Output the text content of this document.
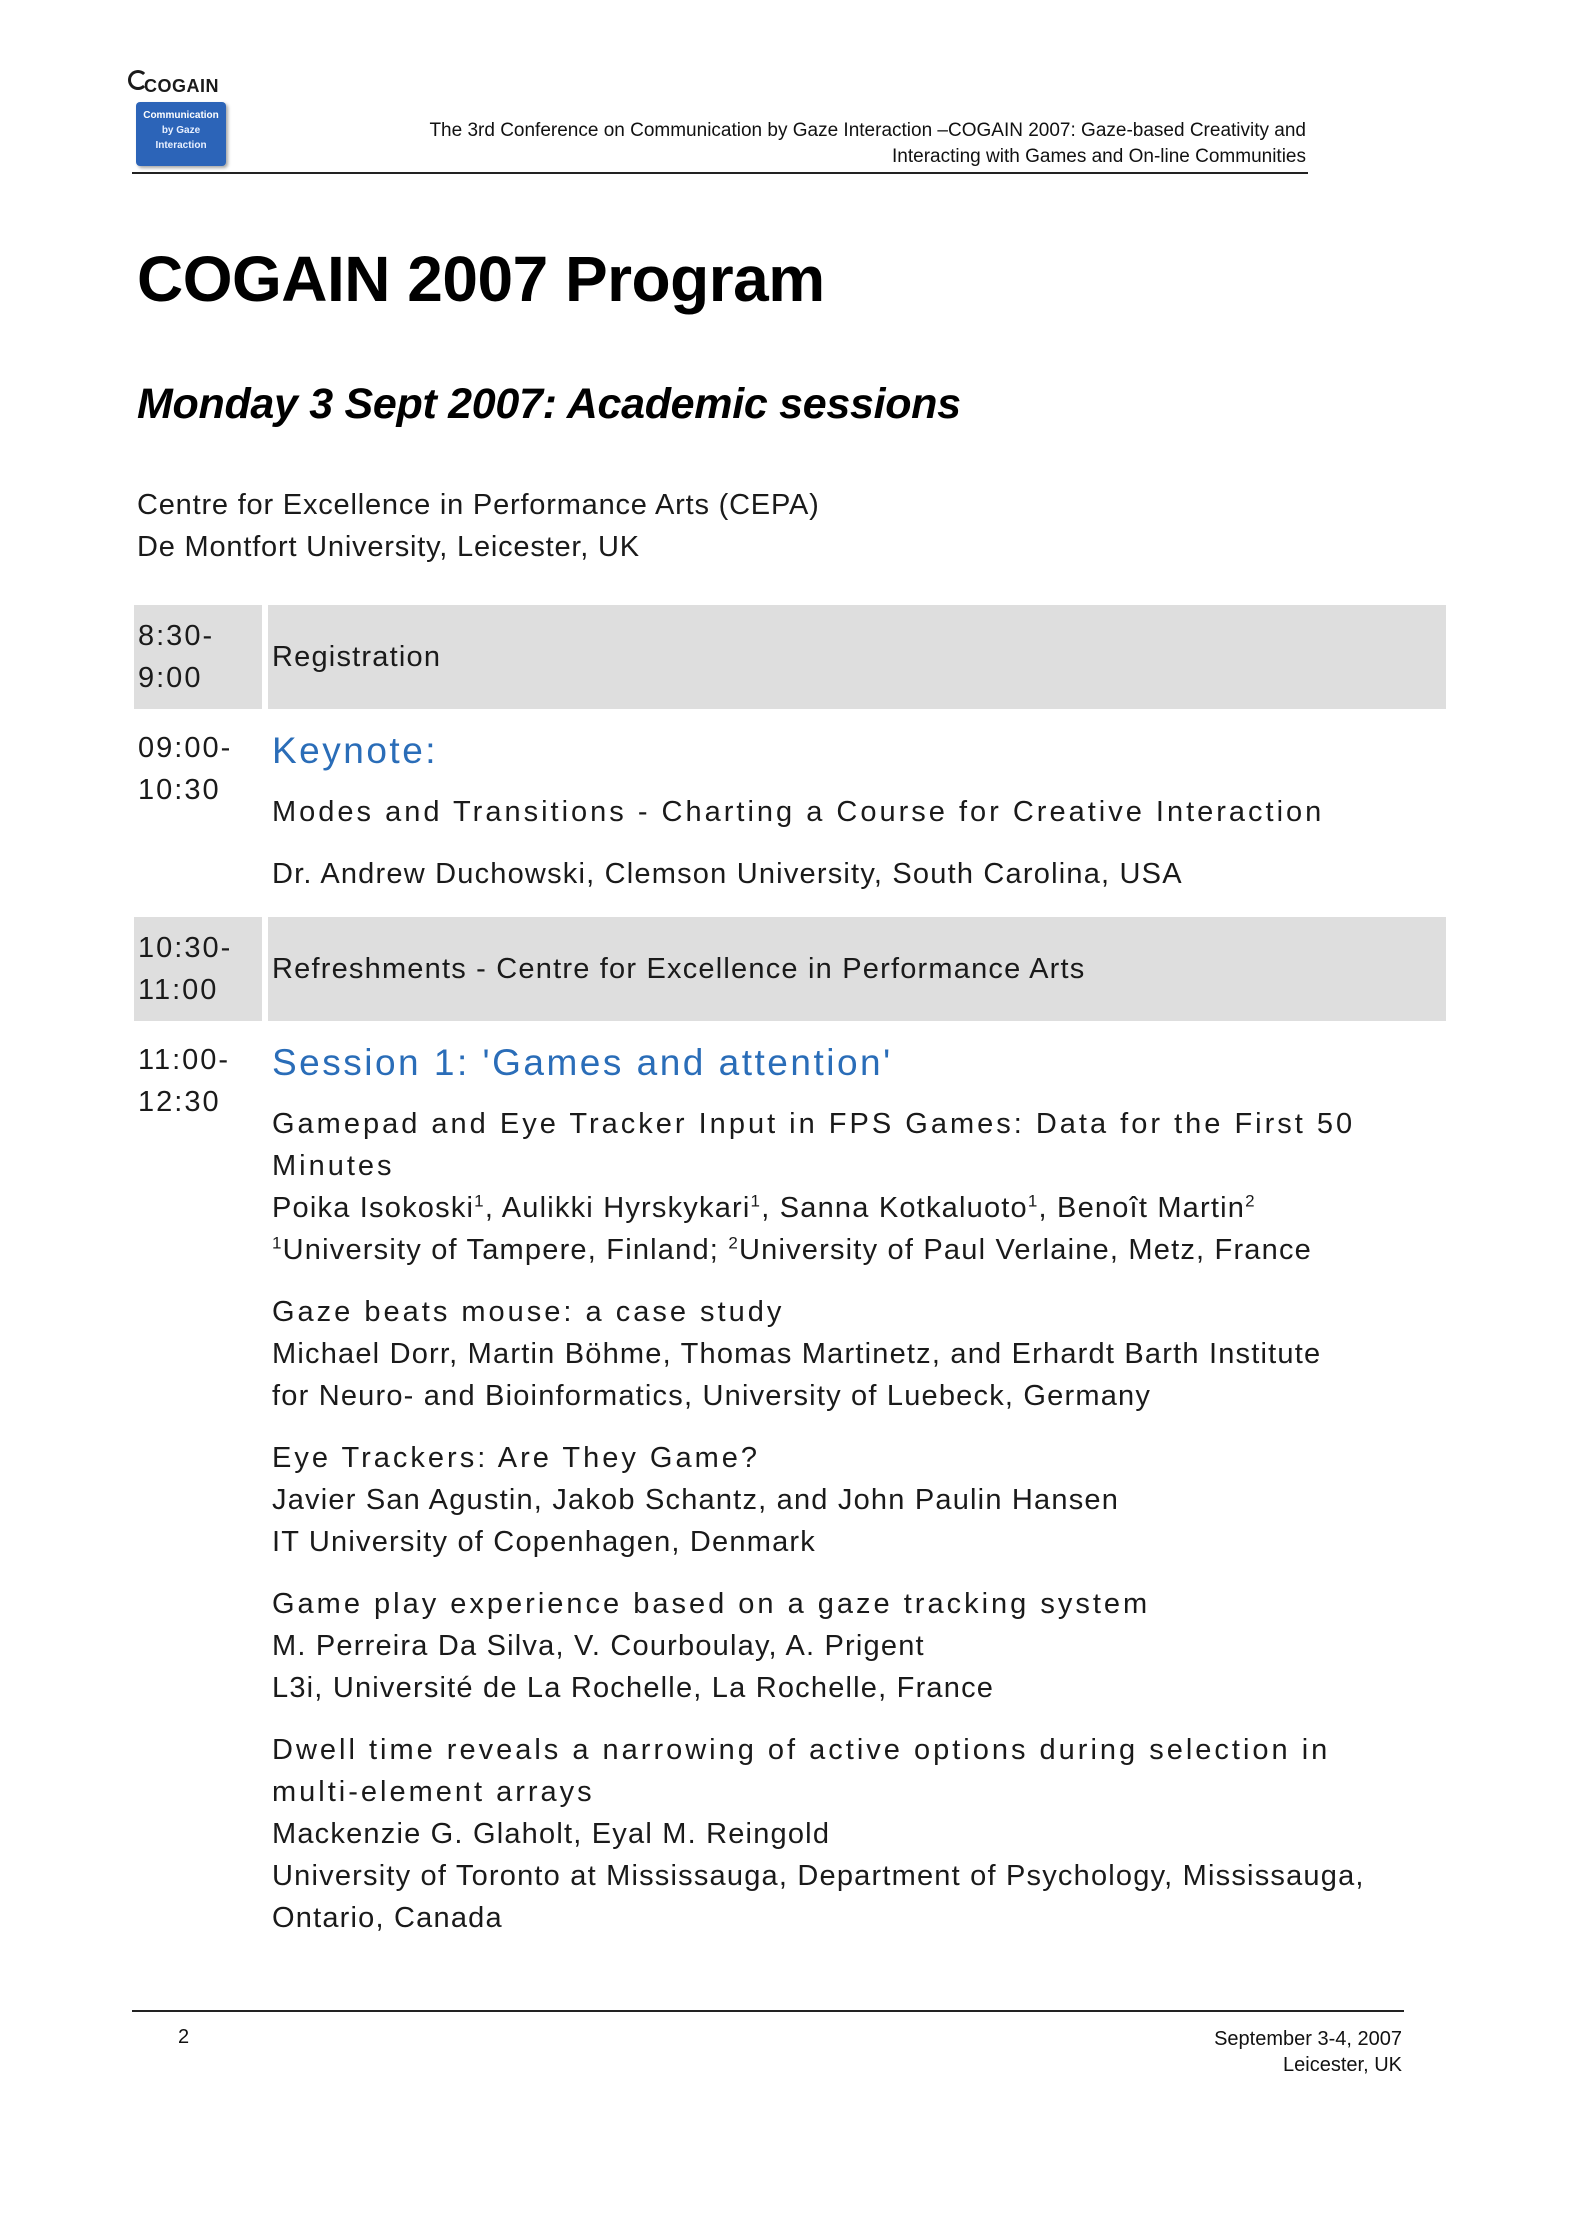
COGAIN
Communication
by Gaze
Interaction
The 3rd Conference on Communication by Gaze Interaction –COGAIN 2007: Gaze-based Creativity and
Interacting with Games and On-line Communities
COGAIN 2007 Program
Monday 3 Sept 2007: Academic sessions
Centre for Excellence in Performance Arts (CEPA)
De Montfort University, Leicester, UK
8:30-
9:00
Registration
09:00-
10:30
Keynote:
Modes and Transitions - Charting a Course for Creative Interaction
Dr. Andrew Duchowski, Clemson University, South Carolina, USA
10:30-
11:00
Refreshments - Centre for Excellence in Performance Arts
11:00-
12:30
Session 1: 'Games and attention'
Gamepad and Eye Tracker Input in FPS Games: Data for the First 50
Minutes
Poika Isokoski$^1$, Aulikki Hyrskykari$^1$, Sanna Kotkaluoto$^1$, Benoît Martin$^2$
$^1$University of Tampere, Finland; $^2$University of Paul Verlaine, Metz, France
Gaze beats mouse: a case study
Michael Dorr, Martin Böhme, Thomas Martinetz, and Erhardt Barth Institute
for Neuro- and Bioinformatics, University of Luebeck, Germany
Eye Trackers: Are They Game?
Javier San Agustin, Jakob Schantz, and John Paulin Hansen
IT University of Copenhagen, Denmark
Game play experience based on a gaze tracking system
M. Perreira Da Silva, V. Courboulay, A. Prigent
L3i, Université de La Rochelle, La Rochelle, France
Dwell time reveals a narrowing of active options during selection in
multi-element arrays
Mackenzie G. Glaholt, Eyal M. Reingold
University of Toronto at Mississauga, Department of Psychology, Mississauga,
Ontario, Canada
2	September 3-4, 2007
Leicester, UK
